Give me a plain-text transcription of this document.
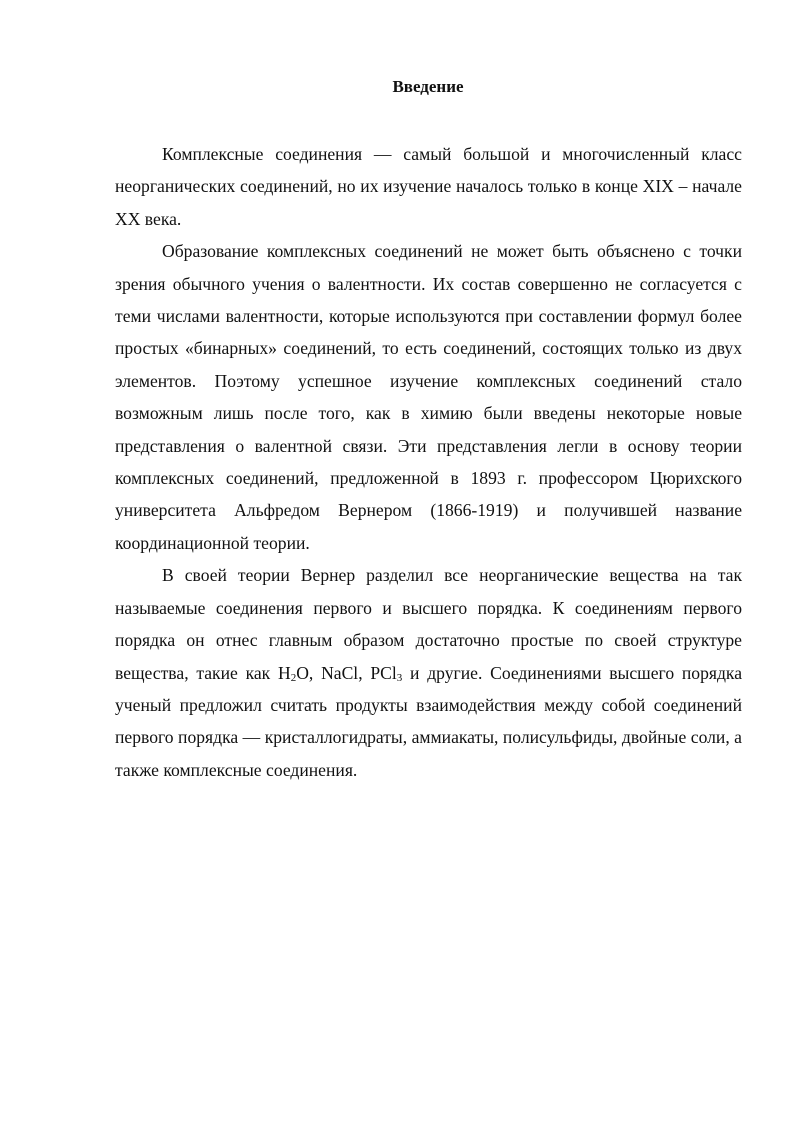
Введение

Комплексные соединения — самый большой и многочисленный класс неорганических соединений, но их изучение началось только в конце XIX – начале XX века.

Образование комплексных соединений не может быть объяснено с точки зрения обычного учения о валентности. Их состав совершенно не согласуется с теми числами валентности, которые используются при составлении формул более простых «бинарных» соединений, то есть соединений, состоящих только из двух элементов. Поэтому успешное изучение комплексных соединений стало возможным лишь после того, как в химию были введены некоторые новые представления о валентной связи. Эти представления легли в основу теории комплексных соединений, предложенной в 1893 г. профессором Цюрихского университета Альфредом Вернером (1866-1919) и получившей название координационной теории.

В своей теории Вернер разделил все неорганические вещества на так называемые соединения первого и высшего порядка. К соединениям первого порядка он отнес главным образом достаточно простые по своей структуре вещества, такие как $H_2O$, NaCl, PCl$_3$ и другие. Соединениями высшего порядка ученый предложил считать продукты взаимодействия между собой соединений первого порядка — кристаллогидраты, аммиакаты, полисульфиды, двойные соли, а также комплексные соединения.
